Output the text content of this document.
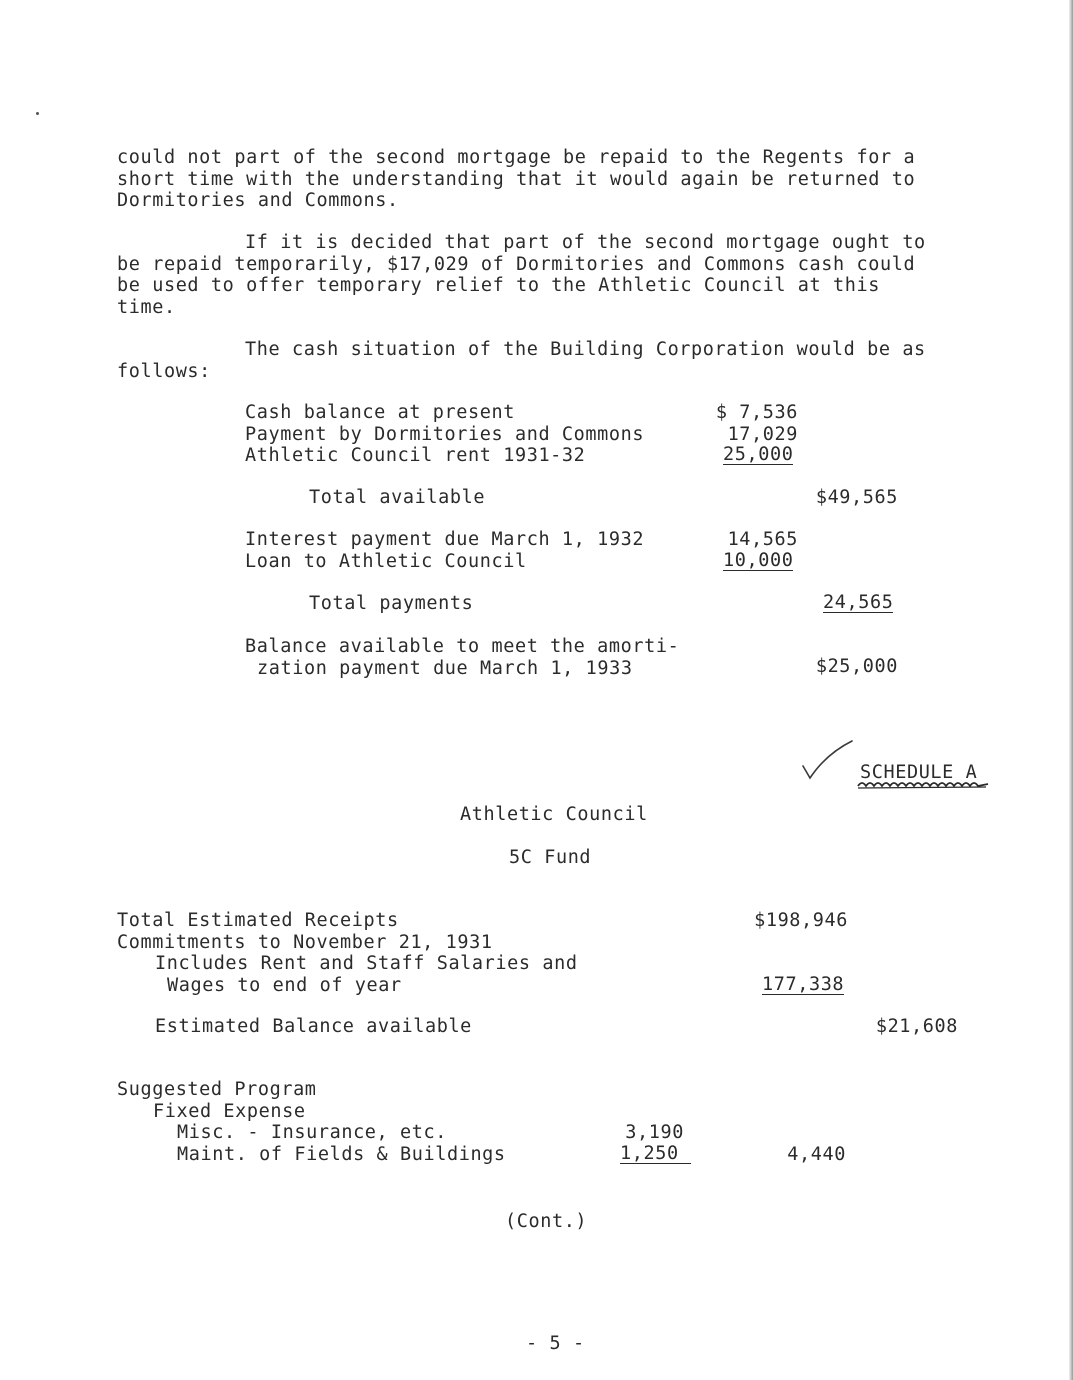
could not part of the second mortgage be repaid to the Regents for a
short time with the understanding that it would again be returned to
Dormitories and Commons.
If it is decided that part of the second mortgage ought to
be repaid temporarily, $17,029 of Dormitories and Commons cash could
be used to offer temporary relief to the Athletic Council at this
time.
The cash situation of the Building Corporation would be as
follows:
Cash balance at present	$ 7,536
Payment by Dormitories and Commons	17,029
Athletic Council rent 1931-32	25,000
Total available	$49,565
Interest payment due March 1, 1932	14,565
Loan to Athletic Council	10,000
Total payments	24,565
Balance available to meet the amorti-
zation payment due March 1, 1933	$25,000
SCHEDULE A
Athletic Council
5C Fund
Total Estimated Receipts	$198,946
Commitments to November 21, 1931
Includes Rent and Staff Salaries and
Wages to end of year	177,338
Estimated Balance available	$21,608
Suggested Program
Fixed Expense
Misc. - Insurance, etc.	3,190
Maint. of Fields & Buildings	1,250	4,440
(Cont.)
- 5 -
